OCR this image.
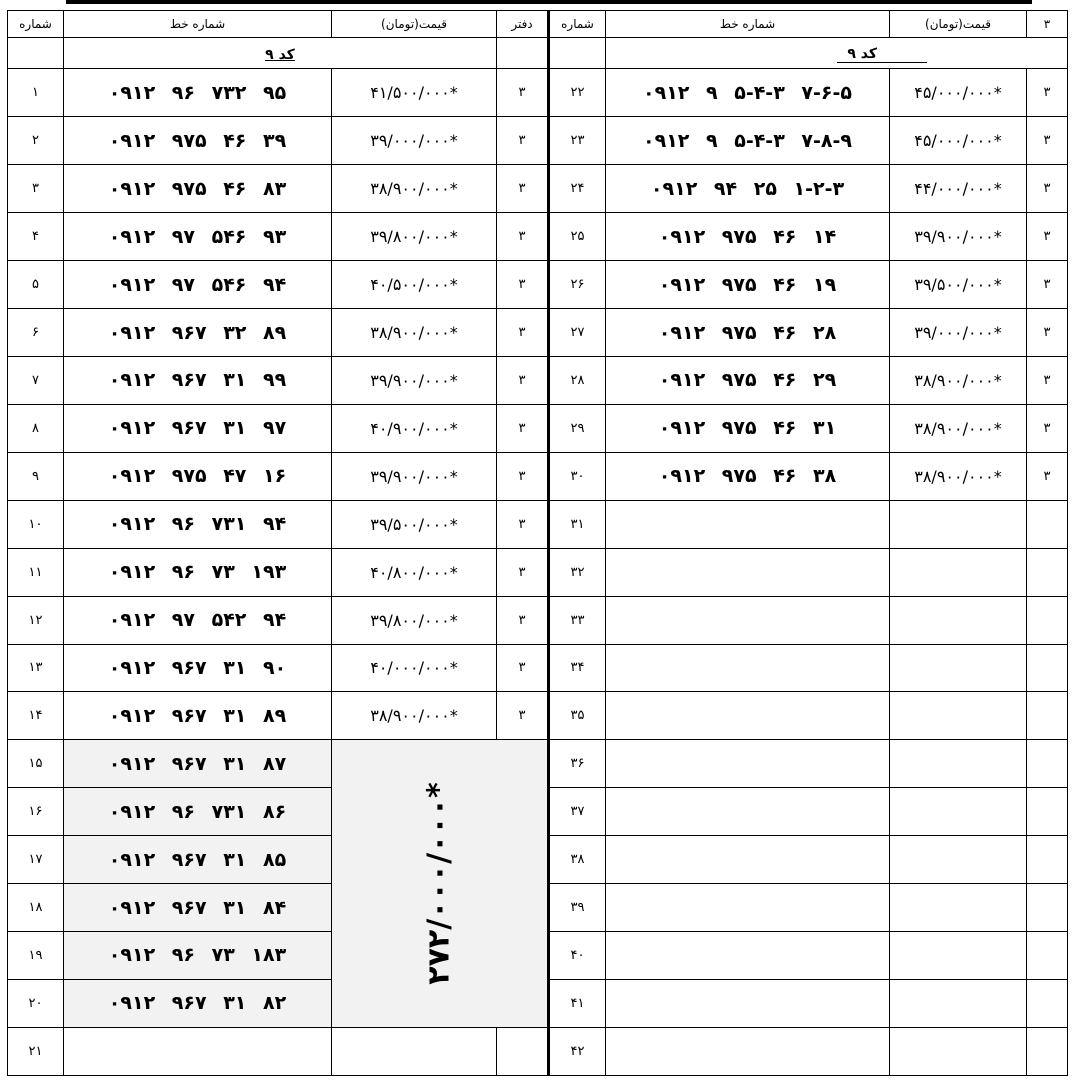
شماره	شماره خط	قیمت(تومان)	دفتر	شماره	شماره خط	قیمت(تومان)	۳
	کد ۹				کد ۹		
۱	۰۹۱۲ ۹۶ ۷۳۲ ۹۵	۴۱/۵۰۰/۰۰۰*	۳	۲۲	۰۹۱۲ ۹ ۵-۴-۳ ۷-۶-۵	۴۵/۰۰۰/۰۰۰*	۳
۲	۰۹۱۲ ۹۷۵ ۴۶ ۳۹	۳۹/۰۰۰/۰۰۰*	۳	۲۳	۰۹۱۲ ۹ ۵-۴-۳ ۷-۸-۹	۴۵/۰۰۰/۰۰۰*	۳
۳	۰۹۱۲ ۹۷۵ ۴۶ ۸۳	۳۸/۹۰۰/۰۰۰*	۳	۲۴	۰۹۱۲ ۹۴ ۲۵ ۱-۲-۳	۴۴/۰۰۰/۰۰۰*	۳
۴	۰۹۱۲ ۹۷ ۵۴۶ ۹۳	۳۹/۸۰۰/۰۰۰*	۳	۲۵	۰۹۱۲ ۹۷۵ ۴۶ ۱۴	۳۹/۹۰۰/۰۰۰*	۳
۵	۰۹۱۲ ۹۷ ۵۴۶ ۹۴	۴۰/۵۰۰/۰۰۰*	۳	۲۶	۰۹۱۲ ۹۷۵ ۴۶ ۱۹	۳۹/۵۰۰/۰۰۰*	۳
۶	۰۹۱۲ ۹۶۷ ۳۲ ۸۹	۳۸/۹۰۰/۰۰۰*	۳	۲۷	۰۹۱۲ ۹۷۵ ۴۶ ۲۸	۳۹/۰۰۰/۰۰۰*	۳
۷	۰۹۱۲ ۹۶۷ ۳۱ ۹۹	۳۹/۹۰۰/۰۰۰*	۳	۲۸	۰۹۱۲ ۹۷۵ ۴۶ ۲۹	۳۸/۹۰۰/۰۰۰*	۳
۸	۰۹۱۲ ۹۶۷ ۳۱ ۹۷	۴۰/۹۰۰/۰۰۰*	۳	۲۹	۰۹۱۲ ۹۷۵ ۴۶ ۳۱	۳۸/۹۰۰/۰۰۰*	۳
۹	۰۹۱۲ ۹۷۵ ۴۷ ۱۶	۳۹/۹۰۰/۰۰۰*	۳	۳۰	۰۹۱۲ ۹۷۵ ۴۶ ۳۸	۳۸/۹۰۰/۰۰۰*	۳
۱۰	۰۹۱۲ ۹۶ ۷۳۱ ۹۴	۳۹/۵۰۰/۰۰۰*	۳	۳۱			
۱۱	۰۹۱۲ ۹۶ ۷۳ ۱۹۳	۴۰/۸۰۰/۰۰۰*	۳	۳۲			
۱۲	۰۹۱۲ ۹۷ ۵۴۲ ۹۴	۳۹/۸۰۰/۰۰۰*	۳	۳۳			
۱۳	۰۹۱۲ ۹۶۷ ۳۱ ۹۰	۴۰/۰۰۰/۰۰۰*	۳	۳۴			
۱۴	۰۹۱۲ ۹۶۷ ۳۱ ۸۹	۳۸/۹۰۰/۰۰۰*	۳	۳۵			
۱۵	۰۹۱۲ ۹۶۷ ۳۱ ۸۷	۲۷۲/۰۰۰/۰۰۰*		۳۶			
۱۶	۰۹۱۲ ۹۶ ۷۳۱ ۸۶			۳۷			
۱۷	۰۹۱۲ ۹۶۷ ۳۱ ۸۵			۳۸			
۱۸	۰۹۱۲ ۹۶۷ ۳۱ ۸۴			۳۹			
۱۹	۰۹۱۲ ۹۶ ۷۳ ۱۸۳			۴۰			
۲۰	۰۹۱۲ ۹۶۷ ۳۱ ۸۲			۴۱			
۲۱				۴۲			
